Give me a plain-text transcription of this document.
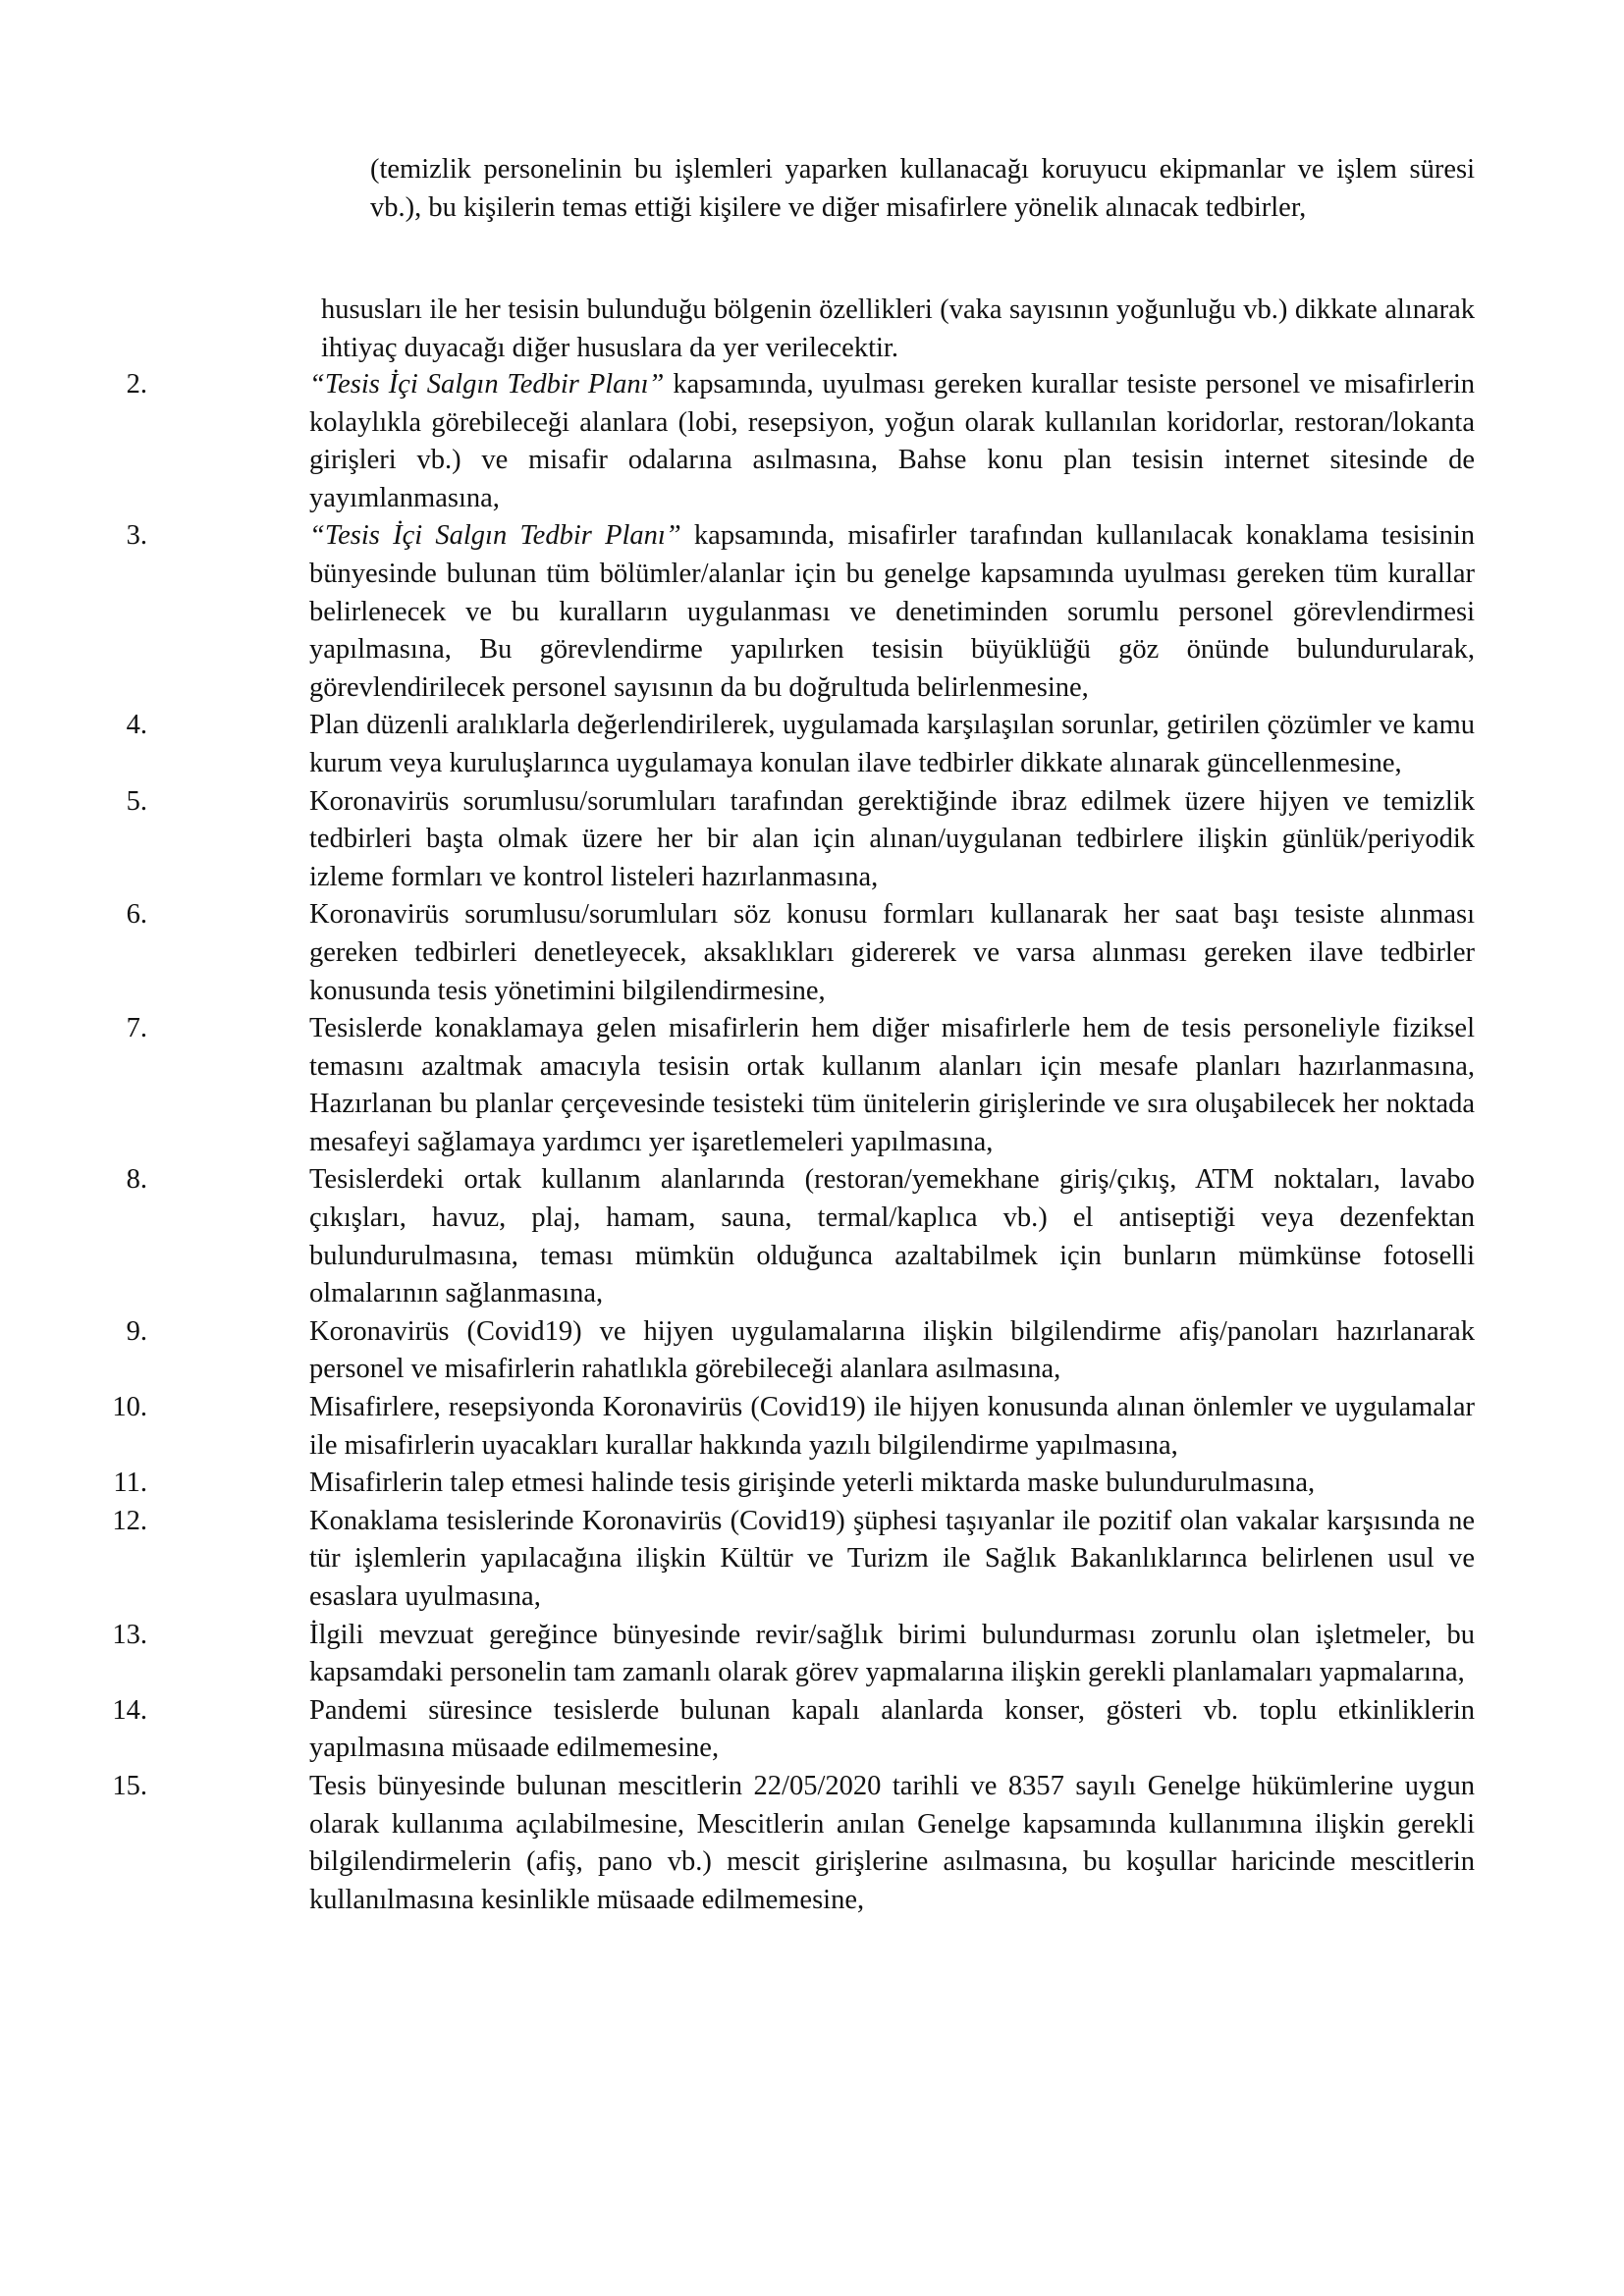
(temizlik personelinin bu işlemleri yaparken kullanacağı koruyucu ekipmanlar ve işlem süresi vb.), bu kişilerin temas ettiği kişilere ve diğer misafirlere yönelik alınacak tedbirler,

hususları ile her tesisin bulunduğu bölgenin özellikleri (vaka sayısının yoğunluğu vb.) dikkate alınarak ihtiyaç duyacağı diğer hususlara da yer verilecektir.

2.	“Tesis İçi Salgın Tedbir Planı” kapsamında, uyulması gereken kurallar tesiste personel ve misafirlerin kolaylıkla görebileceği alanlara (lobi, resepsiyon, yoğun olarak kullanılan koridorlar, restoran/lokanta girişleri vb.) ve misafir odalarına asılmasına, Bahse konu plan tesisin internet sitesinde de yayımlanmasına,
3.	“Tesis İçi Salgın Tedbir Planı” kapsamında, misafirler tarafından kullanılacak konaklama tesisinin bünyesinde bulunan tüm bölümler/alanlar için bu genelge kapsamında uyulması gereken tüm kurallar belirlenecek ve bu kuralların uygulanması ve denetiminden sorumlu personel görevlendirmesi yapılmasına, Bu görevlendirme yapılırken tesisin büyüklüğü göz önünde bulundurularak, görevlendirilecek personel sayısının da bu doğrultuda belirlenmesine,
4.	Plan düzenli aralıklarla değerlendirilerek, uygulamada karşılaşılan sorunlar, getirilen çözümler ve kamu kurum veya kuruluşlarınca uygulamaya konulan ilave tedbirler dikkate alınarak güncellenmesine,
5.	Koronavirüs sorumlusu/sorumluları tarafından gerektiğinde ibraz edilmek üzere hijyen ve temizlik tedbirleri başta olmak üzere her bir alan için alınan/uygulanan tedbirlere ilişkin günlük/periyodik izleme formları ve kontrol listeleri hazırlanmasına,
6.	Koronavirüs sorumlusu/sorumluları söz konusu formları kullanarak her saat başı tesiste alınması gereken tedbirleri denetleyecek, aksaklıkları gidererek ve varsa alınması gereken ilave tedbirler konusunda tesis yönetimini bilgilendirmesine,
7.	Tesislerde konaklamaya gelen misafirlerin hem diğer misafirlerle hem de tesis personeliyle fiziksel temasını azaltmak amacıyla tesisin ortak kullanım alanları için mesafe planları hazırlanmasına, Hazırlanan bu planlar çerçevesinde tesisteki tüm ünitelerin girişlerinde ve sıra oluşabilecek her noktada mesafeyi sağlamaya yardımcı yer işaretlemeleri yapılmasına,
8.	Tesislerdeki ortak kullanım alanlarında (restoran/yemekhane giriş/çıkış, ATM noktaları, lavabo çıkışları, havuz, plaj, hamam, sauna, termal/kaplıca vb.) el antiseptiği veya dezenfektan bulundurulmasına, teması mümkün olduğunca azaltabilmek için bunların mümkünse fotoselli olmalarının sağlanmasına,
9.	Koronavirüs (Covid19) ve hijyen uygulamalarına ilişkin bilgilendirme afiş/panoları hazırlanarak personel ve misafirlerin rahatlıkla görebileceği alanlara asılmasına,
10.	Misafirlere, resepsiyonda Koronavirüs (Covid19) ile hijyen konusunda alınan önlemler ve uygulamalar ile misafirlerin uyacakları kurallar hakkında yazılı bilgilendirme yapılmasına,
11.	Misafirlerin talep etmesi halinde tesis girişinde yeterli miktarda maske bulundurulmasına,
12.	Konaklama tesislerinde Koronavirüs (Covid19) şüphesi taşıyanlar ile pozitif olan vakalar karşısında ne tür işlemlerin yapılacağına ilişkin Kültür ve Turizm ile Sağlık Bakanlıklarınca belirlenen usul ve esaslara uyulmasına,
13.	İlgili mevzuat gereğince bünyesinde revir/sağlık birimi bulundurması zorunlu olan işletmeler, bu kapsamdaki personelin tam zamanlı olarak görev yapmalarına ilişkin gerekli planlamaları yapmalarına,
14.	Pandemi süresince tesislerde bulunan kapalı alanlarda konser, gösteri vb. toplu etkinliklerin yapılmasına müsaade edilmemesine,
15.	Tesis bünyesinde bulunan mescitlerin 22/05/2020 tarihli ve 8357 sayılı Genelge hükümlerine uygun olarak kullanıma açılabilmesine, Mescitlerin anılan Genelge kapsamında kullanımına ilişkin gerekli bilgilendirmelerin (afiş, pano vb.) mescit girişlerine asılmasına, bu koşullar haricinde mescitlerin kullanılmasına kesinlikle müsaade edilmemesine,
